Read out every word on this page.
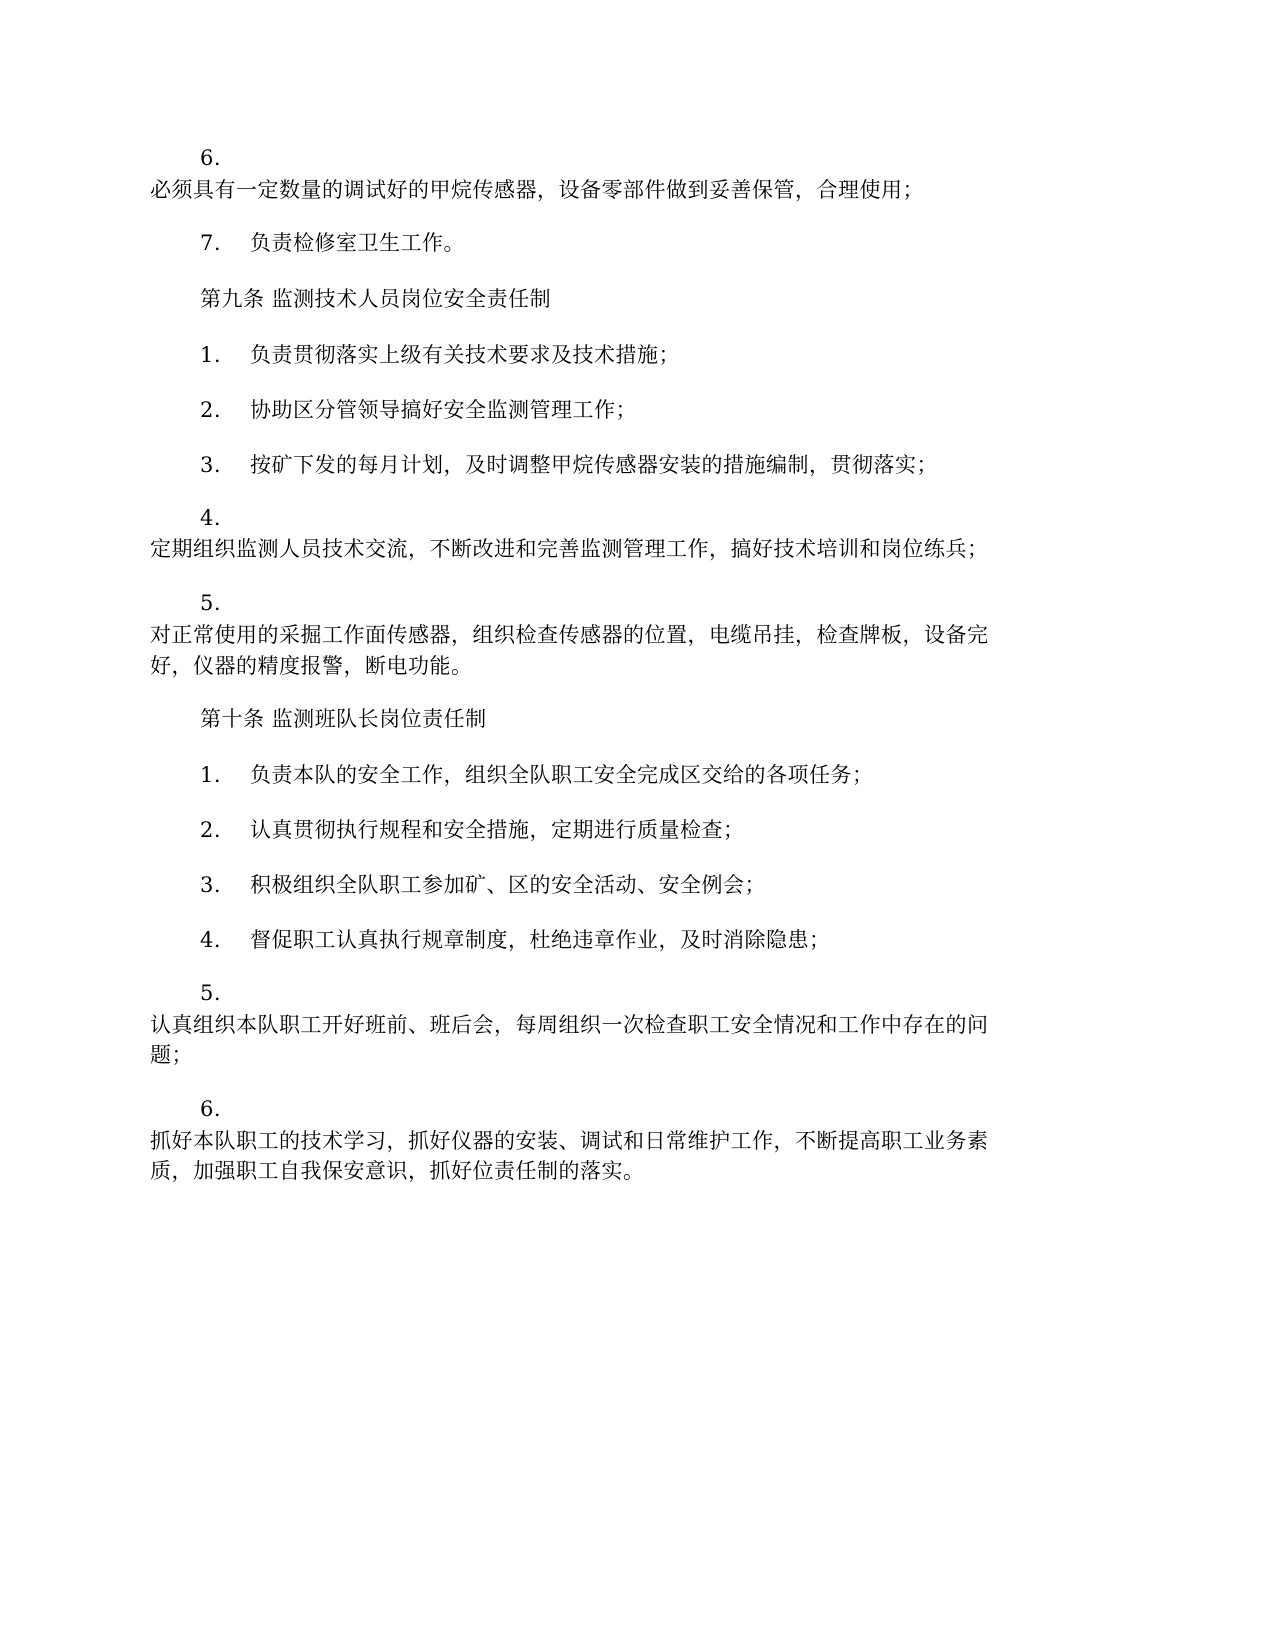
6.

必须具有一定数量的调试好的甲烷传感器，设备零部件做到妥善保管，合理使用；

7. 负责检修室卫生工作。

第九条 监测技术人员岗位安全责任制

1. 负责贯彻落实上级有关技术要求及技术措施；

2. 协助区分管领导搞好安全监测管理工作；

3. 按矿下发的每月计划，及时调整甲烷传感器安装的措施编制，贯彻落实；

4.

定期组织监测人员技术交流，不断改进和完善监测管理工作，搞好技术培训和岗位练兵；

5.

对正常使用的采掘工作面传感器，组织检查传感器的位置，电缆吊挂，检查牌板，设备完

好，仪器的精度报警，断电功能。

第十条 监测班队长岗位责任制

1. 负责本队的安全工作，组织全队职工安全完成区交给的各项任务；

2. 认真贯彻执行规程和安全措施，定期进行质量检查；

3. 积极组织全队职工参加矿、区的安全活动、安全例会；

4. 督促职工认真执行规章制度，杜绝违章作业，及时消除隐患；

5.

认真组织本队职工开好班前、班后会，每周组织一次检查职工安全情况和工作中存在的问

题；

6.

抓好本队职工的技术学习，抓好仪器的安装、调试和日常维护工作，不断提高职工业务素

质，加强职工自我保安意识，抓好位责任制的落实。
